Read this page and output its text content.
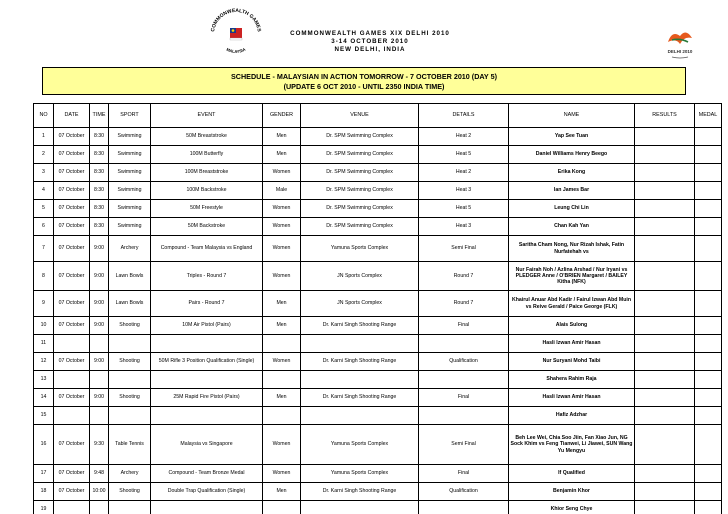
COMMONWEALTH GAMES
MALAYSIA
COMMONWEALTH GAMES XIX DELHI 2010
3-14 OCTOBER 2010
NEW DELHI, INDIA	DELHI 2010
SCHEDULE - MALAYSIAN IN ACTION TOMORROW - 7 OCTOBER 2010 (DAY 5)
(UPDATE 6 OCT 2010 - UNTIL 2350 INDIA TIME)
NO	DATE	TIME	SPORT	EVENT	GENDER	VENUE	DETAILS	NAME	RESULTS	MEDAL
1	07 October	8:30	Swimming	50M Breaststroke	Men	Dr. SPM Swimming Complex	Heat 2	Yap See Tuan		
2	07 October	8:30	Swimming	100M Butterfly	Men	Dr. SPM Swimming Complex	Heat 5	Daniel Williams Henry Beego		
3	07 October	8:30	Swimming	100M Breaststroke	Women	Dr. SPM Swimming Complex	Heat 2	Erika Kong		
4	07 October	8:30	Swimming	100M Backstroke	Male	Dr. SPM Swimming Complex	Heat 3	Ian James Bar		
5	07 October	8:30	Swimming	50M Freestyle	Women	Dr. SPM Swimming Complex	Heat 5	Leung Chi Lin		
6	07 October	8:30	Swimming	50M Backstroke	Women	Dr. SPM Swimming Complex	Heat 3	Chan Kah Yan		
7	07 October	9:00	Archery	Compound - Team Malaysia vs England	Women	Yamuna Sports Complex	Semi Final	Saritha Cham Nong, Nur Rizah Ishak, Fatin Nurfatehah vs		
8	07 October	9:00	Lawn Bowls	Triples - Round 7	Women	JN Sports Complex	Round 7	Nur Fairah Noh / Azlina Arshad / Nur Iryani vs PLEDGER Anne / O'BRIEN Margaret / BAILEY Kitha (NFK)		
9	07 October	9:00	Lawn Bowls	Pairs - Round 7	Men	JN Sports Complex	Round 7	Khairul Anuar Abd Kadir / Fairul Izwan Abd Muin vs Reive Gerald / Paice George (FLK)		
10	07 October	9:00	Shooting	10M Air Pistol (Pairs)	Men	Dr. Karni Singh Shooting Range	Final	Alais Sulong		
11								Hasli Izwan Amir Hasan		
12	07 October	9:00	Shooting	50M Rifle 3 Position Qualification (Single)	Women	Dr. Karni Singh Shooting Range	Qualification	Nur Suryani Mohd Taibi		
13								Shahera Rahim Raja		
14	07 October	9:00	Shooting	25M Rapid Fire Pistol (Pairs)	Men	Dr. Karni Singh Shooting Range	Final	Hasli Izwan Amir Hasan		
15								Hafiz Adzhar		
16	07 October	9:30	Table Tennis	Malaysia vs Singapore	Women	Yamuna Sports Complex	Semi Final	Beh Lee Wei, Chia Soo Jiin, Fan Xiao Jun, NG Sock Khim vs Feng Tianwei, Li Jiawei, SUN Wang Yu Mengyu		
17	07 October	9:48	Archery	Compound - Team Bronze Medal	Women	Yamuna Sports Complex	Final	If Qualified		
18	07 October	10:00	Shooting	Double Trap Qualification (Single)	Men	Dr. Karni Singh Shooting Range	Qualification	Benjamin Khor		
19								Khior Seng Chye		
